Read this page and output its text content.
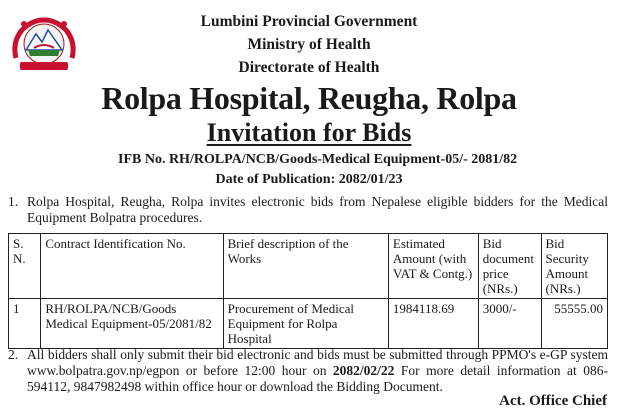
Lumbini Provincial Government
Ministry of Health
Directorate of Health
Rolpa Hospital, Reugha, Rolpa
Invitation for Bids
IFB No. RH/ROLPA/NCB/Goods-Medical Equipment-05/- 2081/82
Date of Publication: 2082/01/23
1. Rolpa Hospital, Reugha, Rolpa invites electronic bids from Nepalese eligible bidders for the Medical Equipment Bolpatra procedures.
S. N.	Contract Identification No.	Brief description of the Works	Estimated Amount (with VAT & Contg.)	Bid document price (NRs.)	Bid Security Amount (NRs.)
1	RH/ROLPA/NCB/Goods Medical Equipment-05/2081/82	Procurement of Medical Equipment for Rolpa Hospital	1984118.69	3000/-	55555.00
2. All bidders shall only submit their bid electronic and bids must be submitted through PPMO's e-GP system www.bolpatra.gov.np/egpon or before 12:00 hour on 2082/02/22 For more detail information at 086-594112, 9847982498 within office hour or download the Bidding Document.
Act. Office Chief
